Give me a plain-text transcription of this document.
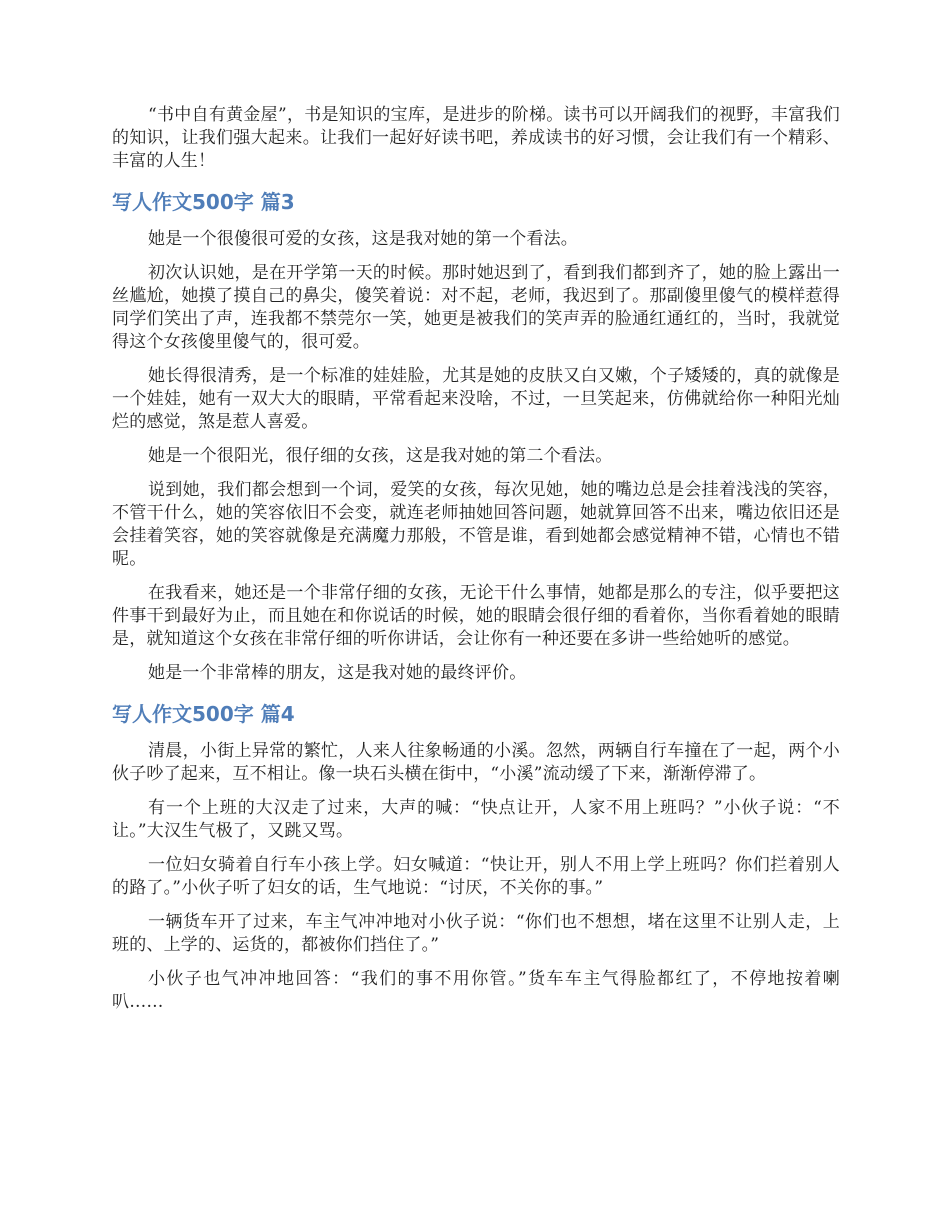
“书中自有黄金屋”，书是知识的宝库，是进步的阶梯。读书可以开阔我们的视野，丰富我们的知识，让我们强大起来。让我们一起好好读书吧，养成读书的好习惯，会让我们有一个精彩、丰富的人生！

写人作文500字 篇3

她是一个很傻很可爱的女孩，这是我对她的第一个看法。

初次认识她，是在开学第一天的时候。那时她迟到了，看到我们都到齐了，她的脸上露出一丝尴尬，她摸了摸自己的鼻尖，傻笑着说：对不起，老师，我迟到了。那副傻里傻气的模样惹得同学们笑出了声，连我都不禁莞尔一笑，她更是被我们的笑声弄的脸通红通红的，当时，我就觉得这个女孩傻里傻气的，很可爱。

她长得很清秀，是一个标准的娃娃脸，尤其是她的皮肤又白又嫩，个子矮矮的，真的就像是一个娃娃，她有一双大大的眼睛，平常看起来没啥，不过，一旦笑起来，仿佛就给你一种阳光灿烂的感觉，煞是惹人喜爱。

她是一个很阳光，很仔细的女孩，这是我对她的第二个看法。

说到她，我们都会想到一个词，爱笑的女孩，每次见她，她的嘴边总是会挂着浅浅的笑容，不管干什么，她的笑容依旧不会变，就连老师抽她回答问题，她就算回答不出来，嘴边依旧还是会挂着笑容，她的笑容就像是充满魔力那般，不管是谁，看到她都会感觉精神不错，心情也不错呢。

在我看来，她还是一个非常仔细的女孩，无论干什么事情，她都是那么的专注，似乎要把这件事干到最好为止，而且她在和你说话的时候，她的眼睛会很仔细的看着你，当你看着她的眼睛是，就知道这个女孩在非常仔细的听你讲话，会让你有一种还要在多讲一些给她听的感觉。

她是一个非常棒的朋友，这是我对她的最终评价。

写人作文500字 篇4

清晨，小街上异常的繁忙，人来人往象畅通的小溪。忽然，两辆自行车撞在了一起，两个小伙子吵了起来，互不相让。像一块石头横在街中，“小溪”流动缓了下来，渐渐停滞了。

有一个上班的大汉走了过来，大声的喊：“快点让开，人家不用上班吗？”小伙子说：“不让。”大汉生气极了，又跳又骂。

一位妇女骑着自行车小孩上学。妇女喊道：“快让开，别人不用上学上班吗？你们拦着别人的路了。”小伙子听了妇女的话，生气地说：“讨厌，不关你的事。”

一辆货车开了过来，车主气冲冲地对小伙子说：“你们也不想想，堵在这里不让别人走，上班的、上学的、运货的，都被你们挡住了。”

小伙子也气冲冲地回答：“我们的事不用你管。”货车车主气得脸都红了，不停地按着喇叭……
